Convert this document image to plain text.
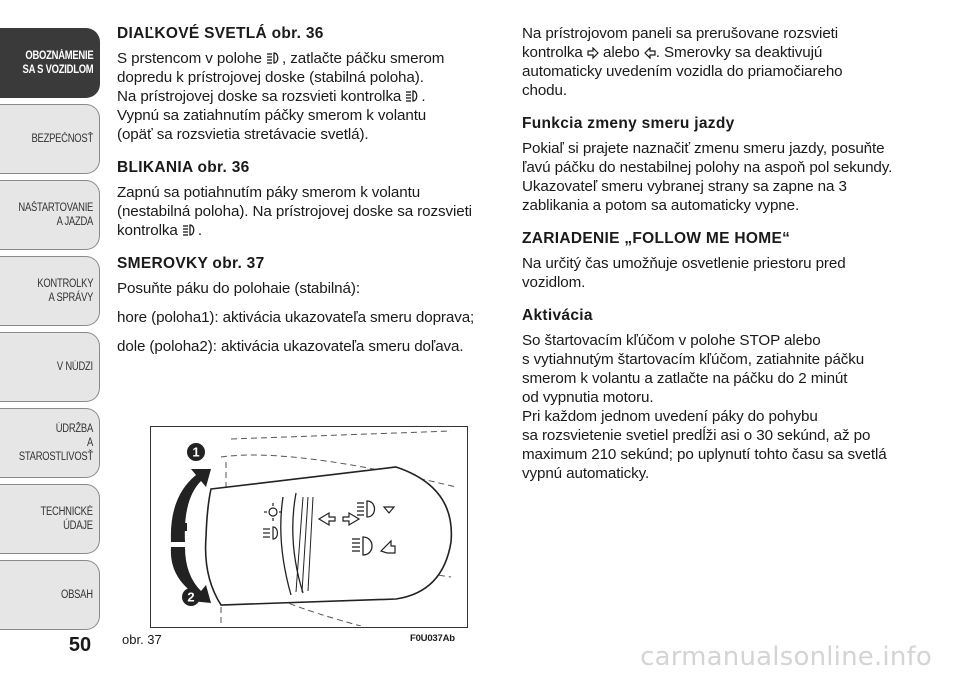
OBOZNÁMENIE
SA S VOZIDLOM
BEZPEČNOSŤ
NAŠTARTOVANIE
A JAZDA
KONTROLKY
A SPRÁVY
V NÚDZI
ÚDRŽBA
A STAROSTLIVOSŤ
TECHNICKÉ
ÚDAJE
OBSAH
50
DIAĽKOVÉ SVETLÁ obr. 36

S prstencom v polohe , zatlačte páčku smerom
dopredu k prístrojovej doske (stabilná poloha).
Na prístrojovej doske sa rozsvieti kontrolka .
Vypnú sa zatiahnutím páčky smerom k volantu
(opäť sa rozsvietia stretávacie svetlá).

BLIKANIA obr. 36

Zapnú sa potiahnutím páky smerom k volantu
(nestabilná poloha). Na prístrojovej doske sa rozsvieti
kontrolka .

SMEROVKY obr. 37

Posuňte páku do polohaie (stabilná):

hore (poloha1): aktivácia ukazovateľa smeru doprava;

dole (poloha2): aktivácia ukazovateľa smeru doľava.

1
2
obr. 37	F0U037Ab

Na prístrojovom paneli sa prerušovane rozsvieti
kontrolka  alebo . Smerovky sa deaktivujú
automaticky uvedením vozidla do priamočiareho
chodu.

Funkcia zmeny smeru jazdy

Pokiaľ si prajete naznačiť zmenu smeru jazdy, posuňte
ľavú páčku do nestabilnej polohy na aspoň pol sekundy.
Ukazovateľ smeru vybranej strany sa zapne na 3
zablikania a potom sa automaticky vypne.

ZARIADENIE „FOLLOW ME HOME“

Na určitý čas umožňuje osvetlenie priestoru pred
vozidlom.

Aktivácia

So štartovacím kľúčom v polohe STOP alebo
s vytiahnutým štartovacím kľúčom, zatiahnite páčku
smerom k volantu a zatlačte na páčku do 2 minút
od vypnutia motoru.
Pri každom jednom uvedení páky do pohybu
sa rozsvietenie svetiel predĺži asi o 30 sekúnd, až po
maximum 210 sekúnd; po uplynutí tohto času sa svetlá
vypnú automaticky.

carmanualsonline.info
